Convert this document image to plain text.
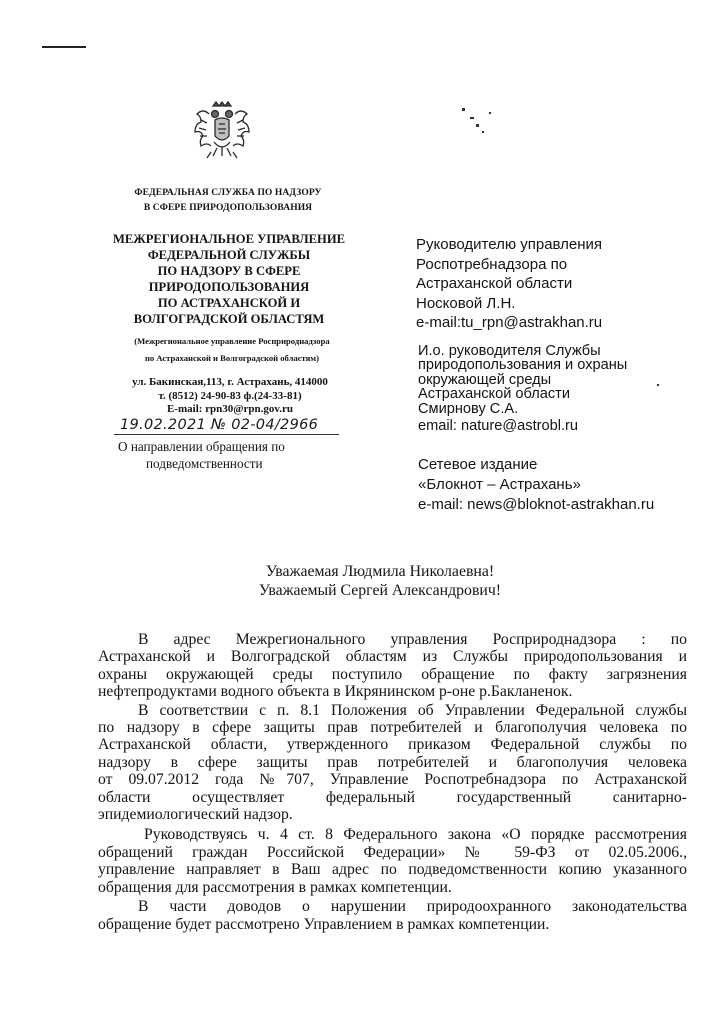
ФЕДЕРАЛЬНАЯ СЛУЖБА ПО НАДЗОРУ
В СФЕРЕ ПРИРОДОПОЛЬЗОВАНИЯ
МЕЖРЕГИОНАЛЬНОЕ УПРАВЛЕНИЕ
ФЕДЕРАЛЬНОЙ СЛУЖБЫ
ПО НАДЗОРУ В СФЕРЕ
ПРИРОДОПОЛЬЗОВАНИЯ
ПО АСТРАХАНСКОЙ И
ВОЛГОГРАДСКОЙ ОБЛАСТЯМ
(Межрегиональное управление Росприроднадзора
по Астраханской и Волгоградской областям)
ул. Бакинская,113, г. Астрахань, 414000
т. (8512) 24-90-83 ф.(24-33-81)
E-mail: rpn30@rpn.gov.ru
19.02.2021 № 02-04/2966
О направлении обращения по
подведомственности
Руководителю управления
Роспотребнадзора по
Астраханской области
Носковой Л.Н.
e-mail:tu_rpn@astrakhan.ru
И.о. руководителя Службы
природопользования и охраны
окружающей среды
Астраханской области
Смирнову С.А.
email: nature@astrobl.ru
Сетевое издание
«Блокнот – Астрахань»
e-mail: news@bloknot-astrakhan.ru
Уважаемая Людмила Николаевна!
Уважаемый Сергей Александрович!

В адрес Межрегионального управления Росприроднадзора : по
Астраханской и Волгоградской областям из Службы природопользования и
охраны окружающей среды поступило обращение по факту загрязнения
нефтепродуктами водного объекта в Икрянинском р-оне р.Бакланенок.

В соответствии с п. 8.1 Положения об Управлении Федеральной службы
по надзору в сфере защиты прав потребителей и благополучия человека по
Астраханской области, утвержденного приказом Федеральной службы по
надзору в сфере защиты прав потребителей и благополучия человека
от 09.07.2012 года №707, Управление Роспотребнадзора по Астраханской
области осуществляет федеральный государственный санитарно-
эпидемиологический надзор.

Руководствуясь ч. 4 ст. 8 Федерального закона «О порядке рассмотрения
обращений граждан Российской Федерации» № 59-ФЗ от 02.05.2006.,
управление направляет в Ваш адрес по подведомственности копию указанного
обращения для рассмотрения в рамках компетенции.

В части доводов о нарушении природоохранного законодательства
обращение будет рассмотрено Управлением в рамках компетенции.
